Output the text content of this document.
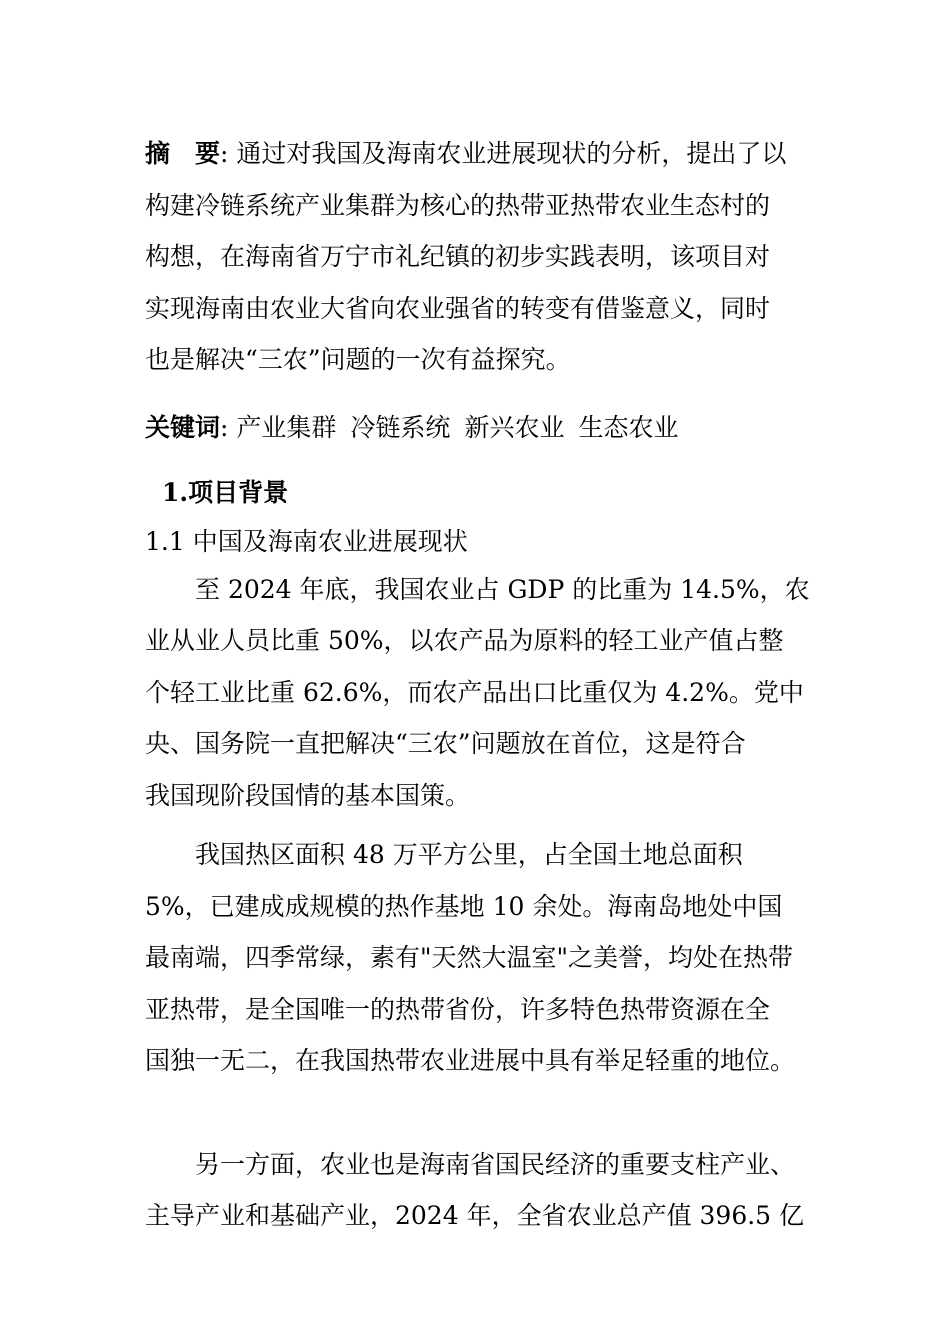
摘　要: 通过对我国及海南农业进展现状的分析，提出了以

构建冷链系统产业集群为核心的热带亚热带农业生态村的

构想，在海南省万宁市礼纪镇的初步实践表明，该项目对

实现海南由农业大省向农业强省的转变有借鉴意义，同时

也是解决“三农”问题的一次有益探究。

关键词: 产业集群 冷链系统 新兴农业 生态农业

1.项目背景

1.1 中国及海南农业进展现状

至 2024 年底，我国农业占 GDP 的比重为 14.5%，农

业从业人员比重 50%，以农产品为原料的轻工业产值占整

个轻工业比重 62.6%，而农产品出口比重仅为 4.2%。党中

央、国务院一直把解决“三农”问题放在首位，这是符合

我国现阶段国情的基本国策。

我国热区面积 48 万平方公里，占全国土地总面积

5%，已建成成规模的热作基地 10 余处。海南岛地处中国

最南端，四季常绿，素有"天然大温室"之美誉，均处在热带

亚热带，是全国唯一的热带省份，许多特色热带资源在全

国独一无二，在我国热带农业进展中具有举足轻重的地位。

另一方面，农业也是海南省国民经济的重要支柱产业、

主导产业和基础产业，2024 年，全省农业总产值 396.5 亿
